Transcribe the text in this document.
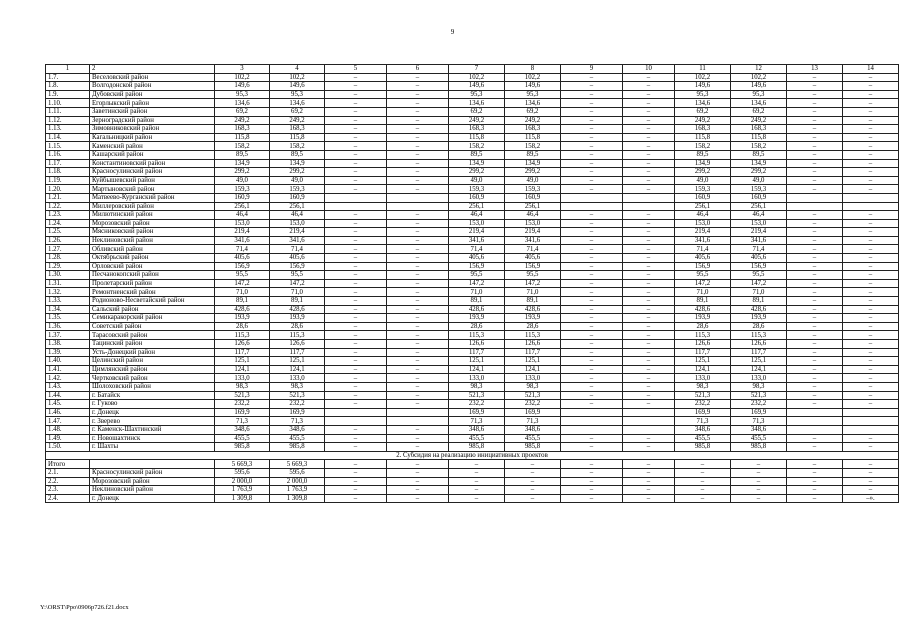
9
1	2	3	4	5	6	7	8	9	10	11	12	13	14
1.7.	Веселовский район	102,2	102,2	–	–	102,2	102,2	–	–	102,2	102,2	–	–
1.8.	Волгодонской район	149,6	149,6	–	–	149,6	149,6	–	–	149,6	149,6	–	–
1.9.	Дубовский район	95,3	95,3	–	–	95,3	95,3	–	–	95,3	95,3	–	–
1.10.	Егорлыкский район	134,6	134,6	–	–	134,6	134,6	–	–	134,6	134,6	–	–
1.11.	Заветинский район	69,2	69,2	–	–	69,2	69,2	–	–	69,2	69,2	–	–
1.12.	Зерноградский район	249,2	249,2	–	–	249,2	249,2	–	–	249,2	249,2	–	–
1.13.	Зимовниковский район	168,3	168,3	–	–	168,3	168,3	–	–	168,3	168,3	–	–
1.14.	Кагальницкий район	115,8	115,8	–	–	115,8	115,8	–	–	115,8	115,8	–	–
1.15.	Каменский район	158,2	158,2	–	–	158,2	158,2	–	–	158,2	158,2	–	–
1.16.	Кашарский район	89,5	89,5	–	–	89,5	89,5	–	–	89,5	89,5	–	–
1.17.	Константиновский район	134,9	134,9	–	–	134,9	134,9	–	–	134,9	134,9	–	–
1.18.	Красносулинский район	299,2	299,2	–	–	299,2	299,2	–	–	299,2	299,2	–	–
1.19.	Куйбышевский район	49,0	49,0	–	–	49,0	49,0	–	–	49,0	49,0	–	–
1.20.	Мартыновский район	159,3	159,3	–	–	159,3	159,3	–	–	159,3	159,3	–	–
1.21.	Матвеево-Курганский район	160,9	160,9			160,9	160,9			160,9	160,9		
1.22.	Миллеровский район	256,1	256,1			256,1	256,1			256,1	256,1		
1.23.	Милютинский район	46,4	46,4	–	–	46,4	46,4	–	–	46,4	46,4	–	–
1.24.	Морозовский район	153,0	153,0	–	–	153,0	153,0	–	–	153,0	153,0	–	–
1.25.	Мясниковский район	219,4	219,4	–	–	219,4	219,4	–	–	219,4	219,4	–	–
1.26.	Неклиновский район	341,6	341,6	–	–	341,6	341,6	–	–	341,6	341,6	–	–
1.27.	Обливский район	71,4	71,4	–	–	71,4	71,4	–	–	71,4	71,4	–	–
1.28.	Октябрьский район	405,6	405,6	–	–	405,6	405,6	–	–	405,6	405,6	–	–
1.29.	Орловский район	156,9	156,9	–	–	156,9	156,9	–	–	156,9	156,9	–	–
1.30.	Песчанокопский район	95,5	95,5	–	–	95,5	95,5	–	–	95,5	95,5	–	–
1.31.	Пролетарский район	147,2	147,2	–	–	147,2	147,2	–	–	147,2	147,2	–	–
1.32.	Ремонтненский район	71,0	71,0	–	–	71,0	71,0	–	–	71,0	71,0	–	–
1.33.	Родионово-Несветайский район	89,1	89,1	–	–	89,1	89,1	–	–	89,1	89,1	–	–
1.34.	Сальский район	428,6	428,6	–	–	428,6	428,6	–	–	428,6	428,6	–	–
1.35.	Семикаракорский район	193,9	193,9	–	–	193,9	193,9	–	–	193,9	193,9	–	–
1.36.	Советский район	28,6	28,6	–	–	28,6	28,6	–	–	28,6	28,6	–	–
1.37.	Тарасовский район	115,3	115,3	–	–	115,3	115,3	–	–	115,3	115,3	–	–
1.38.	Тацинский район	126,6	126,6	–	–	126,6	126,6	–	–	126,6	126,6	–	–
1.39.	Усть-Донецкий район	117,7	117,7	–	–	117,7	117,7	–	–	117,7	117,7	–	–
1.40.	Целинский район	125,1	125,1	–	–	125,1	125,1	–	–	125,1	125,1	–	–
1.41.	Цимлянский район	124,1	124,1	–	–	124,1	124,1	–	–	124,1	124,1	–	–
1.42.	Чертковский район	133,0	133,0	–	–	133,0	133,0	–	–	133,0	133,0	–	–
1.43.	Шолоховский район	98,3	98,3	–	–	98,3	98,3	–	–	98,3	98,3	–	–
1.44.	г. Батайск	521,3	521,3	–	–	521,3	521,3	–	–	521,3	521,3	–	–
1.45.	г. Гуково	232,2	232,2	–	–	232,2	232,2	–	–	232,2	232,2	–	–
1.46.	г. Донецк	169,9	169,9			169,9	169,9			169,9	169,9		
1.47.	г. Зверево	71,3	71,3			71,3	71,3			71,3	71,3		
1.48.	г. Каменск-Шахтинский	348,6	348,6	–	–	348,6	348,6			348,6	348,6		
1.49.	г. Новошахтинск	455,5	455,5	–	–	455,5	455,5	–	–	455,5	455,5	–	–
1.50.	г. Шахты	985,8	985,8	–	–	985,8	985,8	–	–	985,8	985,8	–	–
2. Субсидия на реализацию инициативных проектов													
Итого		5 669,3	5 669,3	–	–	–	–	–	–	–	–	–	–
2.1.	Красносулинский район	595,6	595,6	–	–	–	–	–	–	–	–	–	–
2.2.	Морозовский район	2 000,0	2 000,0	–	–	–	–	–	–	–	–	–	–
2.3.	Неклиновский район	1 763,9	1 763,9	–	–	–	–	–	–	–	–	–	–
2.4.	г. Донецк	1 309,8	1 309,8	–	–	–	–	–	–	–	–	–	–».
Y:\ORST\Ppo\0906p726.f21.docx
